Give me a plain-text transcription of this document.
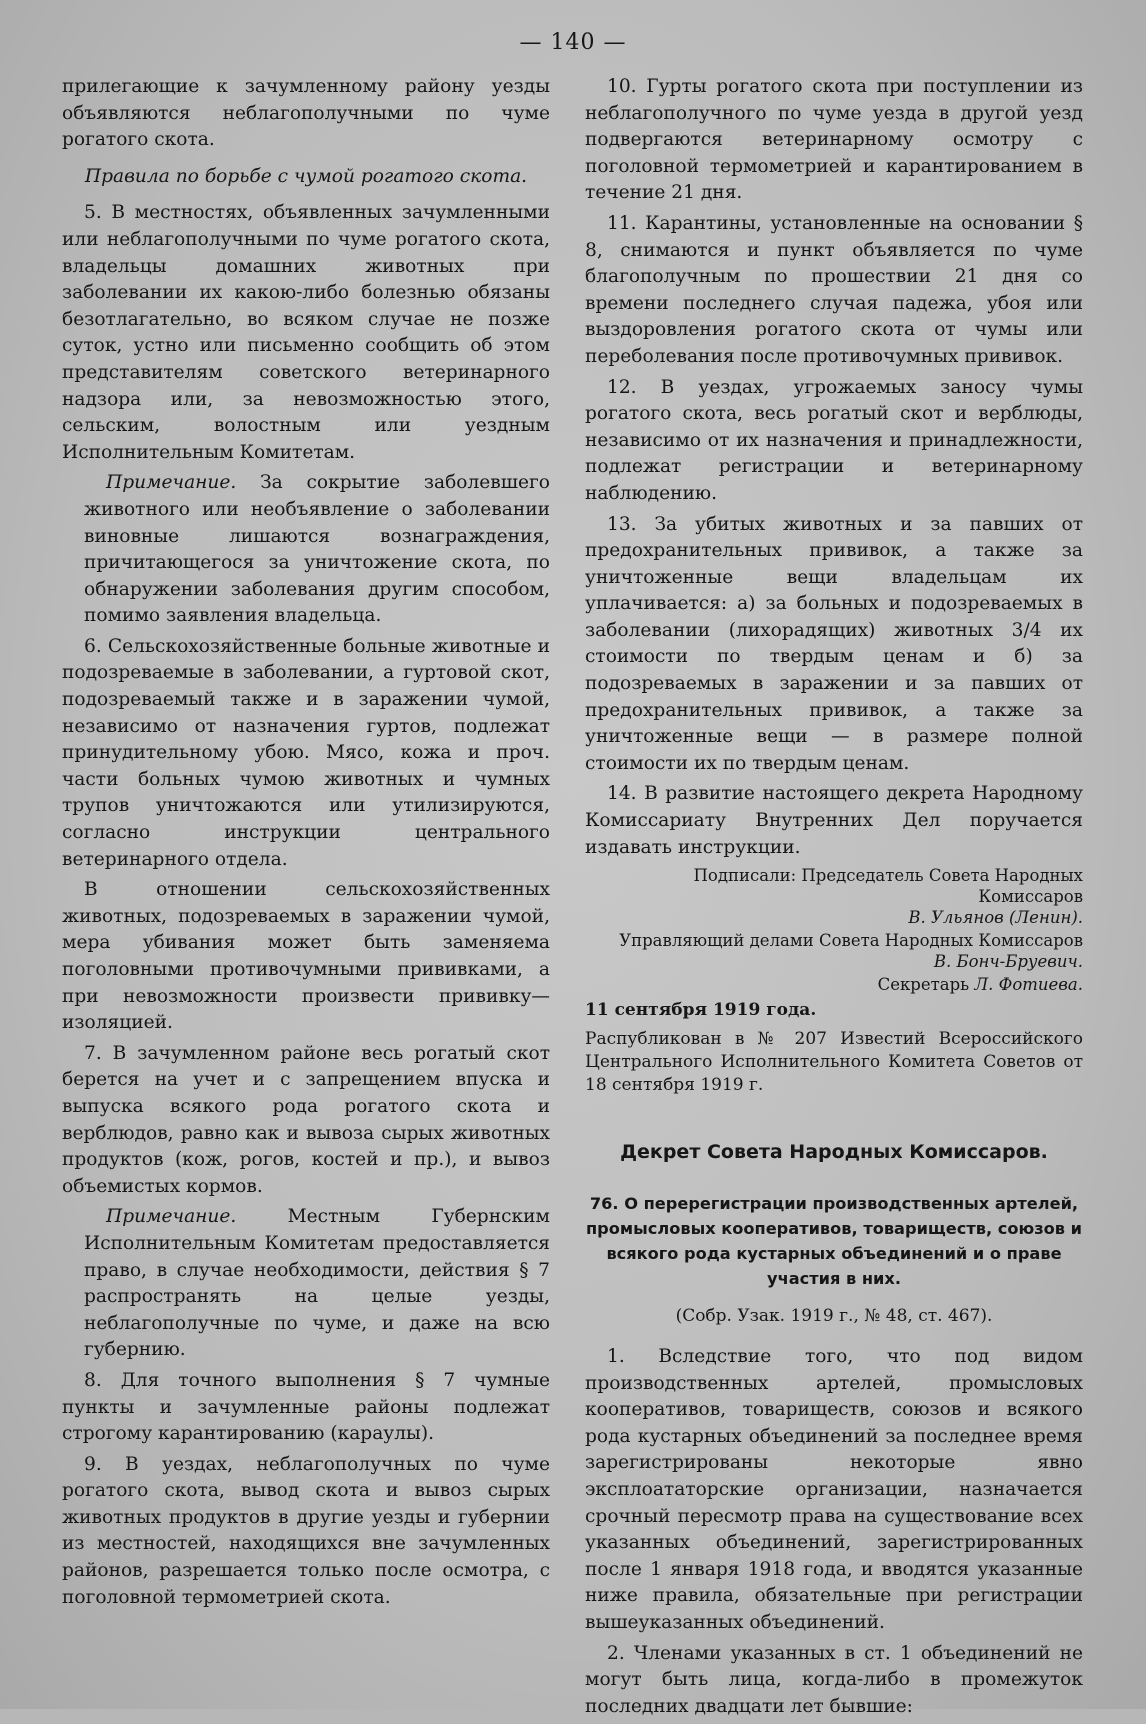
— 140 —

прилегающие к зачумленному району уезды объявляются неблагополучными по чуме рогатого скота.

Правила по борьбе с чумой рогатого скота.

5. В местностях, объявленных зачумленными или неблагополучными по чуме рогатого скота, владельцы домашних животных при заболевании их какою-либо болезнью обязаны безотлагательно, во всяком случае не позже суток, устно или письменно сообщить об этом представителям советского ветеринарного надзора или, за невозможностью этого, сельским, волостным или уездным Исполнительным Комитетам.

Примечание. За сокрытие заболевшего животного или необъявление о заболевании виновные лишаются вознаграждения, причитающегося за уничтожение скота, по обнаружении заболевания другим способом, помимо заявления владельца.

6. Сельскохозяйственные больные животные и подозреваемые в заболевании, а гуртовой скот, подозреваемый также и в заражении чумой, независимо от назначения гуртов, подлежат принудительному убою. Мясо, кожа и проч. части больных чумою животных и чумных трупов уничтожаются или утилизируются, согласно инструкции центрального ветеринарного отдела.

В отношении сельскохозяйственных животных, подозреваемых в заражении чумой, мера убивания может быть заменяема поголовными противочумными прививками, а при невозможности произвести прививку—изоляцией.

7. В зачумленном районе весь рогатый скот берется на учет и с запрещением впуска и выпуска всякого рода рогатого скота и верблюдов, равно как и вывоза сырых животных продуктов (кож, рогов, костей и пр.), и вывоз объемистых кормов.

Примечание.	Местным Губернским Исполнительным Комитетам предоставляется право, в случае необходимости, действия § 7 распространять на целые уезды, неблагополучные по чуме, и даже на всю губернию.

8. Для точного выполнения § 7 чумные пункты и зачумленные районы подлежат строгому карантированию (караулы).

9. В уездах, неблагополучных по чуме рогатого скота, вывод скота и вывоз сырых животных продуктов в другие уезды и губернии из местностей, находящихся вне зачумленных районов, разрешается только после осмотра, с поголовной термометрией скота.

10. Гурты рогатого скота при поступлении из неблагополучного по чуме уезда в другой уезд подвергаются ветеринарному осмотру с поголовной термометрией и карантированием в течение 21 дня.

11. Карантины, установленные на основании § 8, снимаются и пункт объявляется по чуме благополучным по прошествии 21 дня со времени последнего случая падежа, убоя или выздоровления рогатого скота от чумы или переболевания после противочумных прививок.

12. В уездах, угрожаемых заносу чумы рогатого скота, весь рогатый скот и верблюды, независимо от их назначения и принадлежности, подлежат регистрации и ветеринарному наблюдению.

13. За убитых животных и за павших от предохранительных прививок, а также за уничтоженные вещи владельцам их уплачивается: а) за больных и подозреваемых в заболевании (лихорадящих) животных 3/4 их стоимости по твердым ценам и б) за подозреваемых в заражении и за павших от предохранительных прививок, а также за уничтоженные вещи — в размере полной стоимости их по твердым ценам.

14. В развитие настоящего декрета Народному Комиссариату Внутренних Дел поручается издавать инструкции.

Подписали: Председатель Совета Народных Комиссаров
В. Ульянов (Ленин).

Управляющий делами Совета Народных Комиссаров
В. Бонч-Бруевич.

Секретарь Л. Фотиева.

11 сентября 1919 года.

Распубликован в № 207 Известий Всероссийского Центрального Исполнительного Комитета Советов от 18 сентября 1919 г.

Декрет Совета Народных Комиссаров.

76. О перерегистрации производственных артелей, промысловых кооперативов, товариществ, союзов и всякого рода кустарных объединений и о праве участия в них.

(Собр. Узак. 1919 г., № 48, ст. 467).

1. Вследствие того, что под видом производственных артелей, промысловых кооперативов, товариществ, союзов и всякого рода кустарных объединений за последнее время зарегистрированы некоторые явно эксплоататорские организации, назначается срочный пересмотр права на существование всех указанных объединений, зарегистрированных после 1 января 1918 года, и вводятся указанные ниже правила, обязательные при регистрации вышеуказанных объединений.

2. Членами указанных в ст. 1 объединений не могут быть лица, когда-либо в промежуток последних двадцати лет бывшие:
